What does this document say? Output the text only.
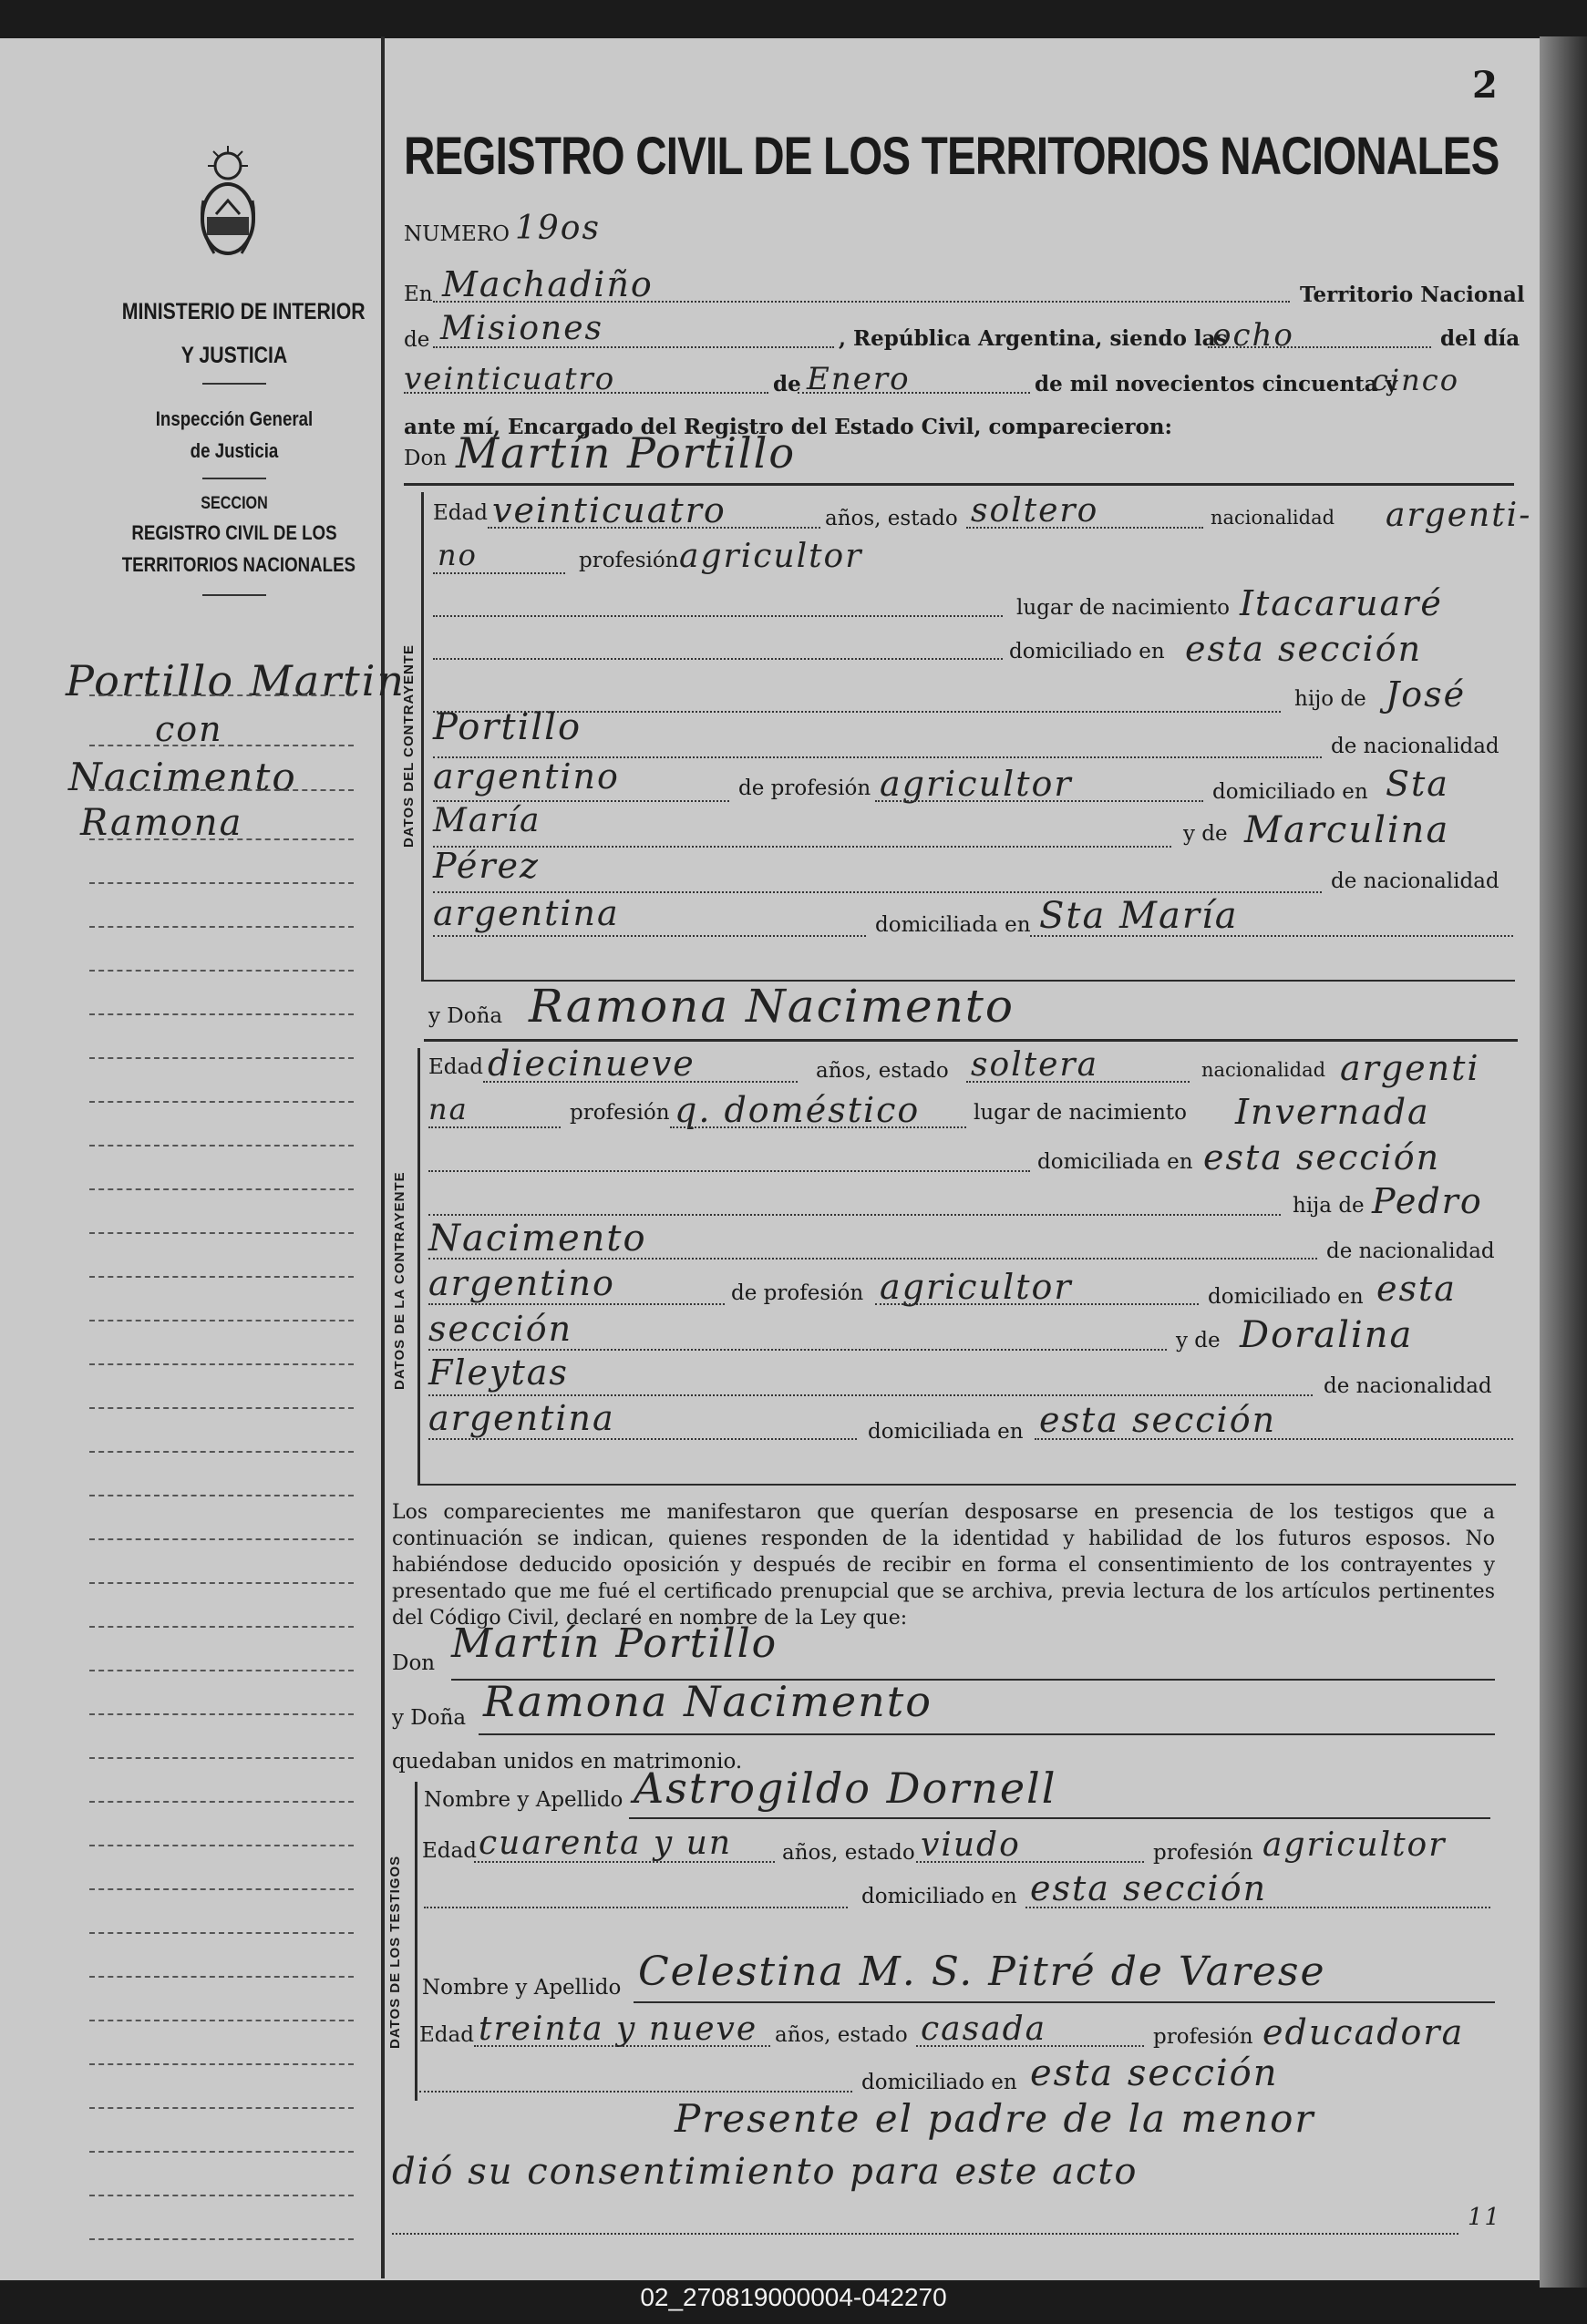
2
REGISTRO CIVIL DE LOS TERRITORIOS NACIONALES
MINISTERIO DE INTERIOR
Y JUSTICIA
Inspección General
de Justicia
SECCION
REGISTRO CIVIL DE LOS
TERRITORIOS NACIONALES
Portillo Martin
con
Nacimento
Ramona
NUMERO 19os
En Machadiño	Territorio Nacional
de Misiones	, República Argentina, siendo las
ocho	del día
veinticuatro	de Enero	de mil novecientos cincuenta y
cinco
ante mí, Encargado del Registro del Estado Civil, comparecieron:
Don Martín Portillo
DATOS DEL CONTRAYENTE
Edad veinticuatro	años, estado soltero	nacionalidad argenti-
no	profesión agricultor
lugar de nacimiento Itacaruaré
domiciliado en esta sección
hijo de José
Portillo	de nacionalidad
argentino	de profesión agricultor	domiciliado en Sta
María	y de Marculina
Pérez	de nacionalidad
argentina	domiciliada en Sta María
y Doña Ramona Nacimento
DATOS DE LA CONTRAYENTE
Edad diecinueve	años, estado soltera	nacionalidad argenti
na	profesión q. doméstico	lugar de nacimiento Invernada
domiciliada en esta sección
hija de Pedro
Nacimento	de nacionalidad
argentino	de profesión agricultor	domiciliado en esta
sección	y de Doralina
Fleytas	de nacionalidad
argentina	domiciliada en esta sección
Los comparecientes me manifestaron que querían desposarse en presencia de los testigos que a continuación se indican, quienes responden de la identidad y habilidad de los futuros esposos. No habiéndose deducido oposición y después de recibir en forma el consentimiento de los contrayentes y presentado que me fué el certificado prenupcial que se archiva, previa lectura de los artículos pertinentes del Código Civil, declaré en nombre de la Ley que:
Don Martín Portillo
y Doña Ramona Nacimento
quedaban unidos en matrimonio.
DATOS DE LOS TESTIGOS
Nombre y Apellido Astrogildo Dornell
Edad cuarenta y un años, estado viudo	profesión agricultor
domiciliado en esta sección
Nombre y Apellido Celestina M. S. Pitré de Varese
Edad treinta y nueve años, estado casada	profesión educadora
domiciliado en esta sección
Presente el padre de la menor
dió su consentimiento para este acto
11
02_270819000004-042270
